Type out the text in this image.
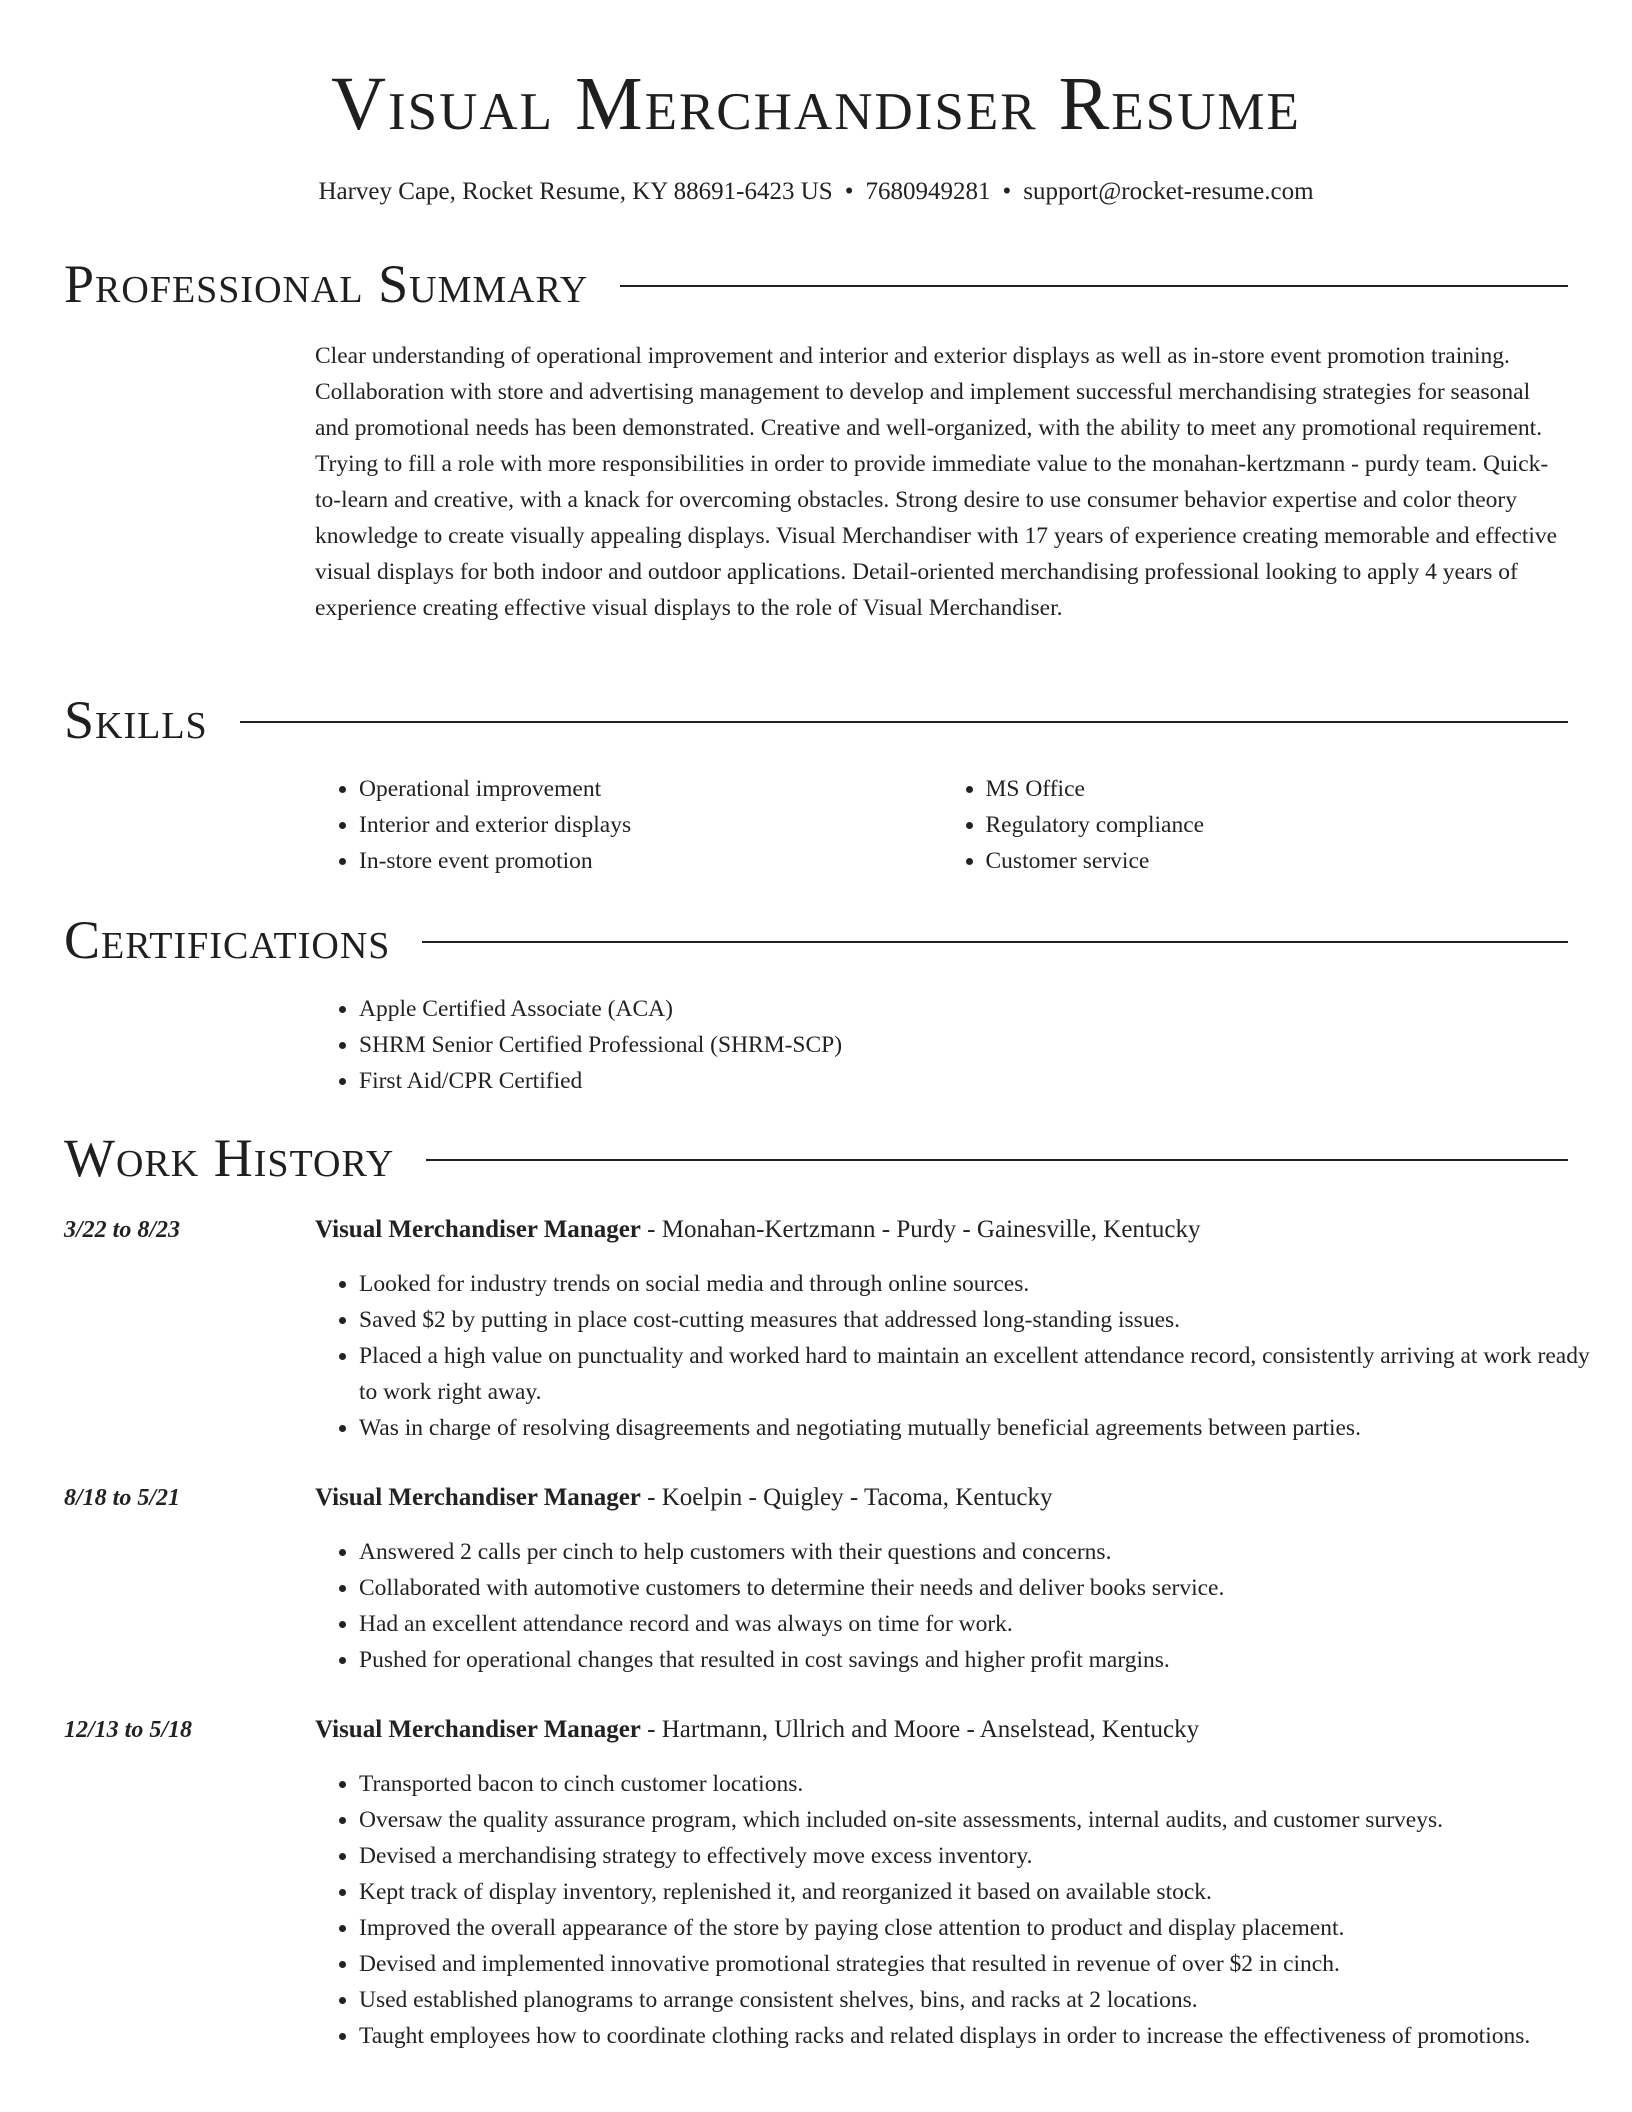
Visual Merchandiser Resume
Harvey Cape, Rocket Resume, KY 88691-6423 US • 7680949281 • support@rocket-resume.com
Professional Summary

Clear understanding of operational improvement and interior and exterior displays as well as in-store event promotion training. Collaboration with store and advertising management to develop and implement successful merchandising strategies for seasonal and promotional needs has been demonstrated. Creative and well-organized, with the ability to meet any promotional requirement. Trying to fill a role with more responsibilities in order to provide immediate value to the monahan-kertzmann - purdy team. Quick-to-learn and creative, with a knack for overcoming obstacles. Strong desire to use consumer behavior expertise and color theory knowledge to create visually appealing displays. Visual Merchandiser with 17 years of experience creating memorable and effective visual displays for both indoor and outdoor applications. Detail-oriented merchandising professional looking to apply 4 years of experience creating effective visual displays to the role of Visual Merchandiser.

Skills
• Operational improvement
• Interior and exterior displays
• In-store event promotion
• MS Office
• Regulatory compliance
• Customer service
Certifications
• Apple Certified Associate (ACA)
• SHRM Senior Certified Professional (SHRM-SCP)
• First Aid/CPR Certified
Work History
3/22 to 8/23	Visual Merchandiser Manager - Monahan-Kertzmann - Purdy - Gainesville, Kentucky
• Looked for industry trends on social media and through online sources.
• Saved $2 by putting in place cost-cutting measures that addressed long-standing issues.
• Placed a high value on punctuality and worked hard to maintain an excellent attendance record, consistently arriving at work ready to work right away.
• Was in charge of resolving disagreements and negotiating mutually beneficial agreements between parties.
8/18 to 5/21	Visual Merchandiser Manager - Koelpin - Quigley - Tacoma, Kentucky
• Answered 2 calls per cinch to help customers with their questions and concerns.
• Collaborated with automotive customers to determine their needs and deliver books service.
• Had an excellent attendance record and was always on time for work.
• Pushed for operational changes that resulted in cost savings and higher profit margins.
12/13 to 5/18	Visual Merchandiser Manager - Hartmann, Ullrich and Moore - Anselstead, Kentucky
• Transported bacon to cinch customer locations.
• Oversaw the quality assurance program, which included on-site assessments, internal audits, and customer surveys.
• Devised a merchandising strategy to effectively move excess inventory.
• Kept track of display inventory, replenished it, and reorganized it based on available stock.
• Improved the overall appearance of the store by paying close attention to product and display placement.
• Devised and implemented innovative promotional strategies that resulted in revenue of over $2 in cinch.
• Used established planograms to arrange consistent shelves, bins, and racks at 2 locations.
• Taught employees how to coordinate clothing racks and related displays in order to increase the effectiveness of promotions.
